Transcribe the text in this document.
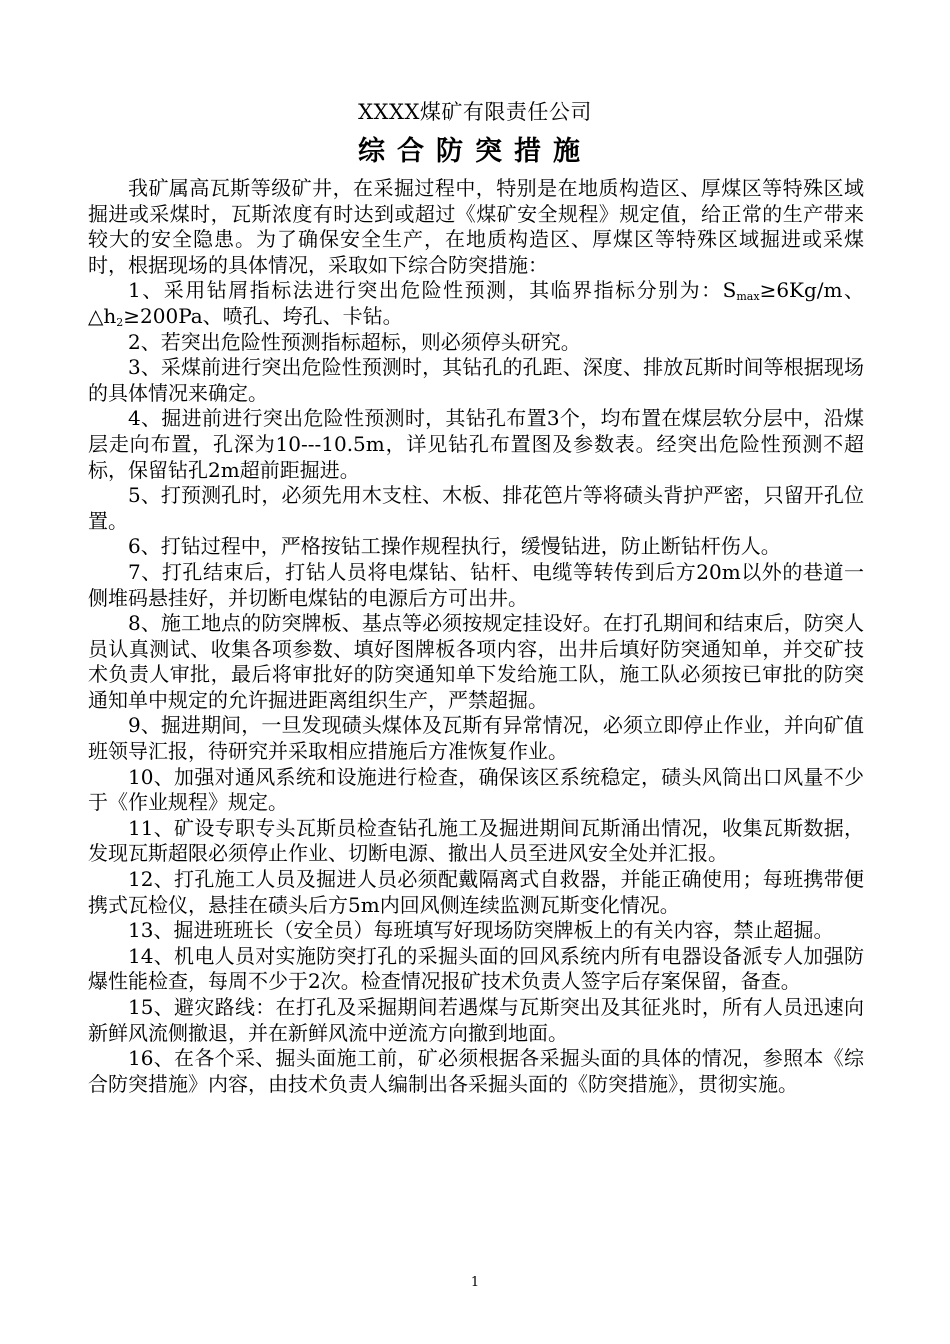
XXXX煤矿有限责任公司
综合防突措施

我矿属高瓦斯等级矿井，在采掘过程中，特别是在地质构造区、厚煤区等特殊区域掘进或采煤时，瓦斯浓度有时达到或超过《煤矿安全规程》规定值，给正常的生产带来较大的安全隐患。为了确保安全生产，在地质构造区、厚煤区等特殊区域掘进或采煤时，根据现场的具体情况，采取如下综合防突措施：

1、采用钻屑指标法进行突出危险性预测，其临界指标分别为：$S_{max}\ge 6Kg/m$、$\triangle h_2\ge 200Pa$、喷孔、垮孔、卡钻。

2、若突出危险性预测指标超标，则必须停头研究。

3、采煤前进行突出危险性预测时，其钻孔的孔距、深度、排放瓦斯时间等根据现场的具体情况来确定。

4、掘进前进行突出危险性预测时，其钻孔布置3个，均布置在煤层软分层中，沿煤层走向布置，孔深为10---10.5m，详见钻孔布置图及参数表。经突出危险性预测不超标，保留钻孔2m超前距掘进。

5、打预测孔时，必须先用木支柱、木板、排花笆片等将碛头背护严密，只留开孔位置。

6、打钻过程中，严格按钻工操作规程执行，缓慢钻进，防止断钻杆伤人。

7、打孔结束后，打钻人员将电煤钻、钻杆、电缆等转传到后方20m以外的巷道一侧堆码悬挂好，并切断电煤钻的电源后方可出井。

8、施工地点的防突牌板、基点等必须按规定挂设好。在打孔期间和结束后，防突人员认真测试、收集各项参数、填好图牌板各项内容，出井后填好防突通知单，并交矿技术负责人审批，最后将审批好的防突通知单下发给施工队，施工队必须按已审批的防突通知单中规定的允许掘进距离组织生产，严禁超掘。

9、掘进期间，一旦发现碛头煤体及瓦斯有异常情况，必须立即停止作业，并向矿值班领导汇报，待研究并采取相应措施后方准恢复作业。

10、加强对通风系统和设施进行检查，确保该区系统稳定，碛头风筒出口风量不少于《作业规程》规定。

11、矿设专职专头瓦斯员检查钻孔施工及掘进期间瓦斯涌出情况，收集瓦斯数据，发现瓦斯超限必须停止作业、切断电源、撤出人员至进风安全处并汇报。

12、打孔施工人员及掘进人员必须配戴隔离式自救器，并能正确使用；每班携带便携式瓦检仪，悬挂在碛头后方5m内回风侧连续监测瓦斯变化情况。

13、掘进班班长（安全员）每班填写好现场防突牌板上的有关内容，禁止超掘。

14、机电人员对实施防突打孔的采掘头面的回风系统内所有电器设备派专人加强防爆性能检查，每周不少于2次。检查情况报矿技术负责人签字后存案保留，备查。

15、避灾路线：在打孔及采掘期间若遇煤与瓦斯突出及其征兆时，所有人员迅速向新鲜风流侧撤退，并在新鲜风流中逆流方向撤到地面。

16、在各个采、掘头面施工前，矿必须根据各采掘头面的具体的情况，参照本《综合防突措施》内容，由技术负责人编制出各采掘头面的《防突措施》，贯彻实施。

1
